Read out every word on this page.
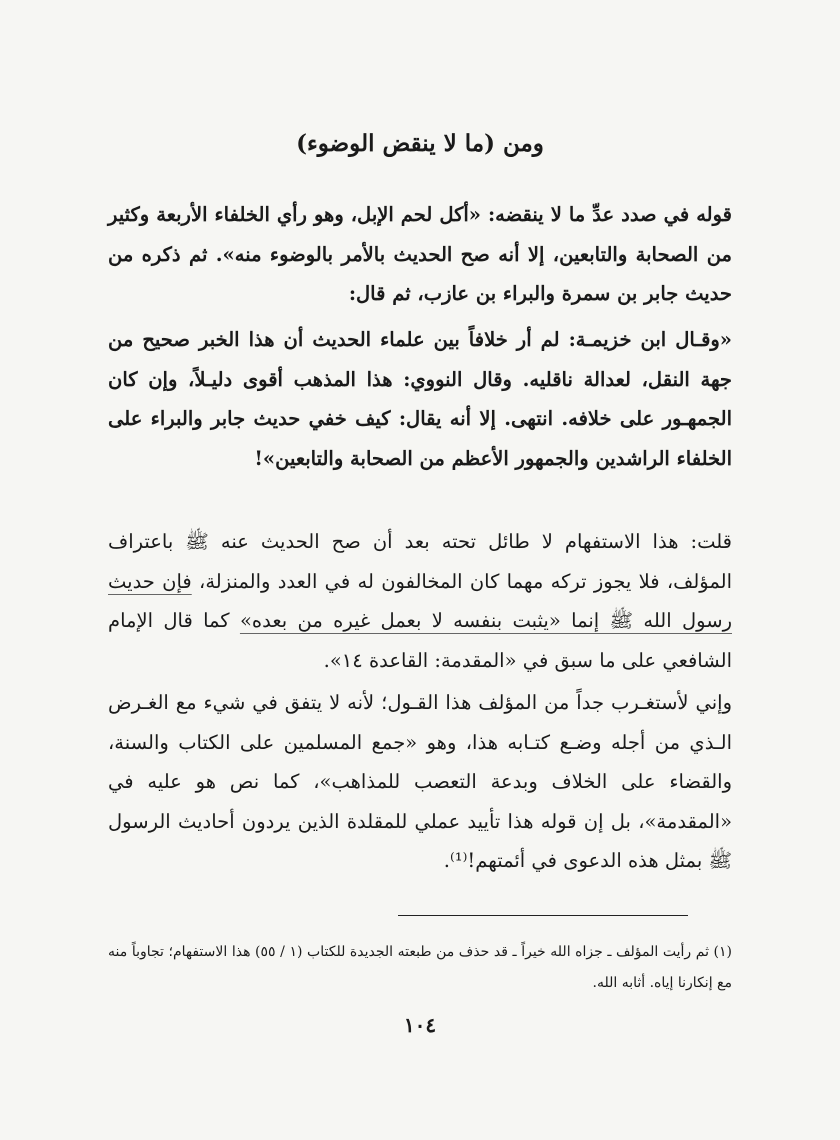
ومن (ما لا ينقض الوضوء)

قوله في صدد عدِّ ما لا ينقضه: «أكل لحم الإبل، وهو رأي الخلفاء الأربعة وكثير من الصحابة والتابعين، إلا أنه صح الحديث بالأمر بالوضوء منه». ثم ذكره من حديث جابر بن سمرة والبراء بن عازب، ثم قال:

«وقـال ابن خزيمـة: لم أر خلافاً بين علماء الحديث أن هذا الخبر صحيح من جهة النقل، لعدالة ناقليه. وقال النووي: هذا المذهب أقوى دليـلاً، وإن كان الجمهـور على خلافه. انتهى. إلا أنه يقال: كيف خفي حديث جابر والبراء على الخلفاء الراشدين والجمهور الأعظم من الصحابة والتابعين»!

قلت: هذا الاستفهام لا طائل تحته بعد أن صح الحديث عنه ﷺ باعتراف المؤلف، فلا يجوز تركه مهما كان المخالفون له في العدد والمنزلة، فإن حديث رسول الله ﷺ إنما «يثبت بنفسه لا بعمل غيره من بعده» كما قال الإمام الشافعي على ما سبق في «المقدمة: القاعدة ١٤».

وإني لأستغـرب جداً من المؤلف هذا القـول؛ لأنه لا يتفق في شيء مع الغـرض الـذي من أجله وضـع كتـابه هذا، وهو «جمع المسلمين على الكتاب والسنة، والقضاء على الخلاف وبدعة التعصب للمذاهب»، كما نص هو عليه في «المقدمة»، بل إن قوله هذا تأييد عملي للمقلدة الذين يردون أحاديث الرسول ﷺ بمثل هذه الدعوى في أئمتهم!⁽¹⁾.

(١) ثم رأيت المؤلف ـ جزاه الله خيراً ـ قد حذف من طبعته الجديدة للكتاب (١ / ٥٥) هذا الاستفهام؛ تجاوباً منه مع إنكارنا إياه. أثابه الله.
١٠٤
